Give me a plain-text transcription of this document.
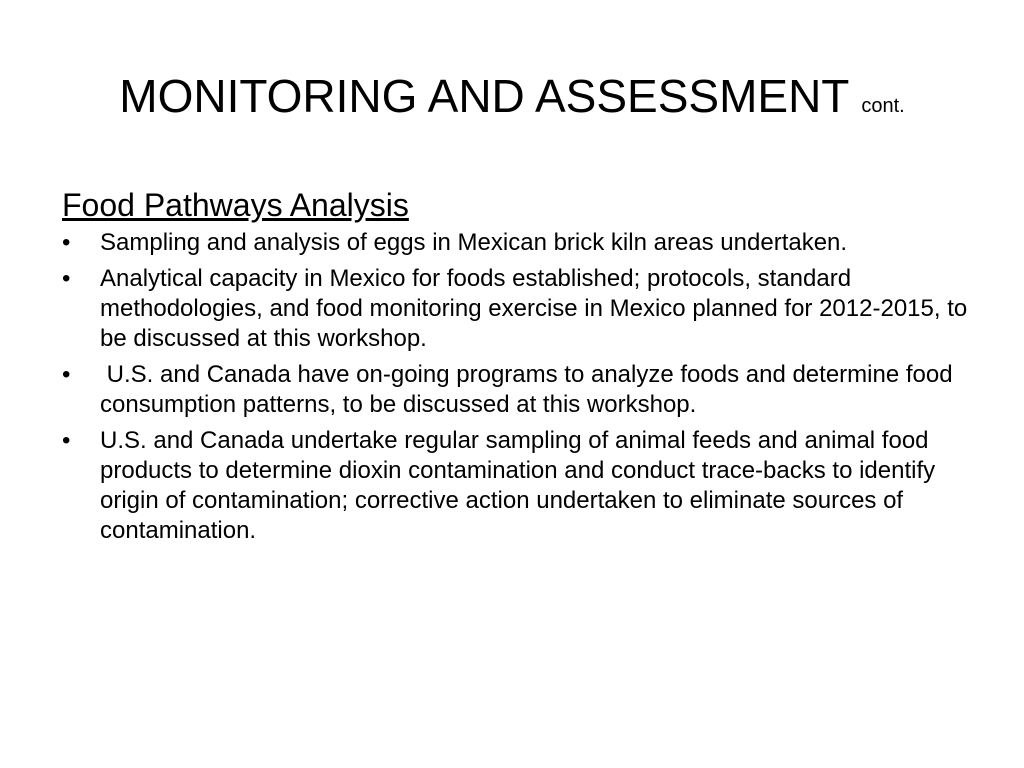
MONITORING AND ASSESSMENT cont.
Food Pathways Analysis
•	Sampling and analysis of eggs in Mexican brick kiln areas undertaken.
•	Analytical capacity in Mexico for foods established; protocols, standard methodologies, and food monitoring exercise in Mexico planned for 2012-2015, to be discussed at this workshop.
•	U.S. and Canada have on-going programs to analyze foods and determine food consumption patterns, to be discussed at this workshop.
•	U.S. and Canada undertake regular sampling of animal feeds and animal food products to determine dioxin contamination and conduct trace-backs to identify origin of contamination; corrective action undertaken to eliminate sources of contamination.
